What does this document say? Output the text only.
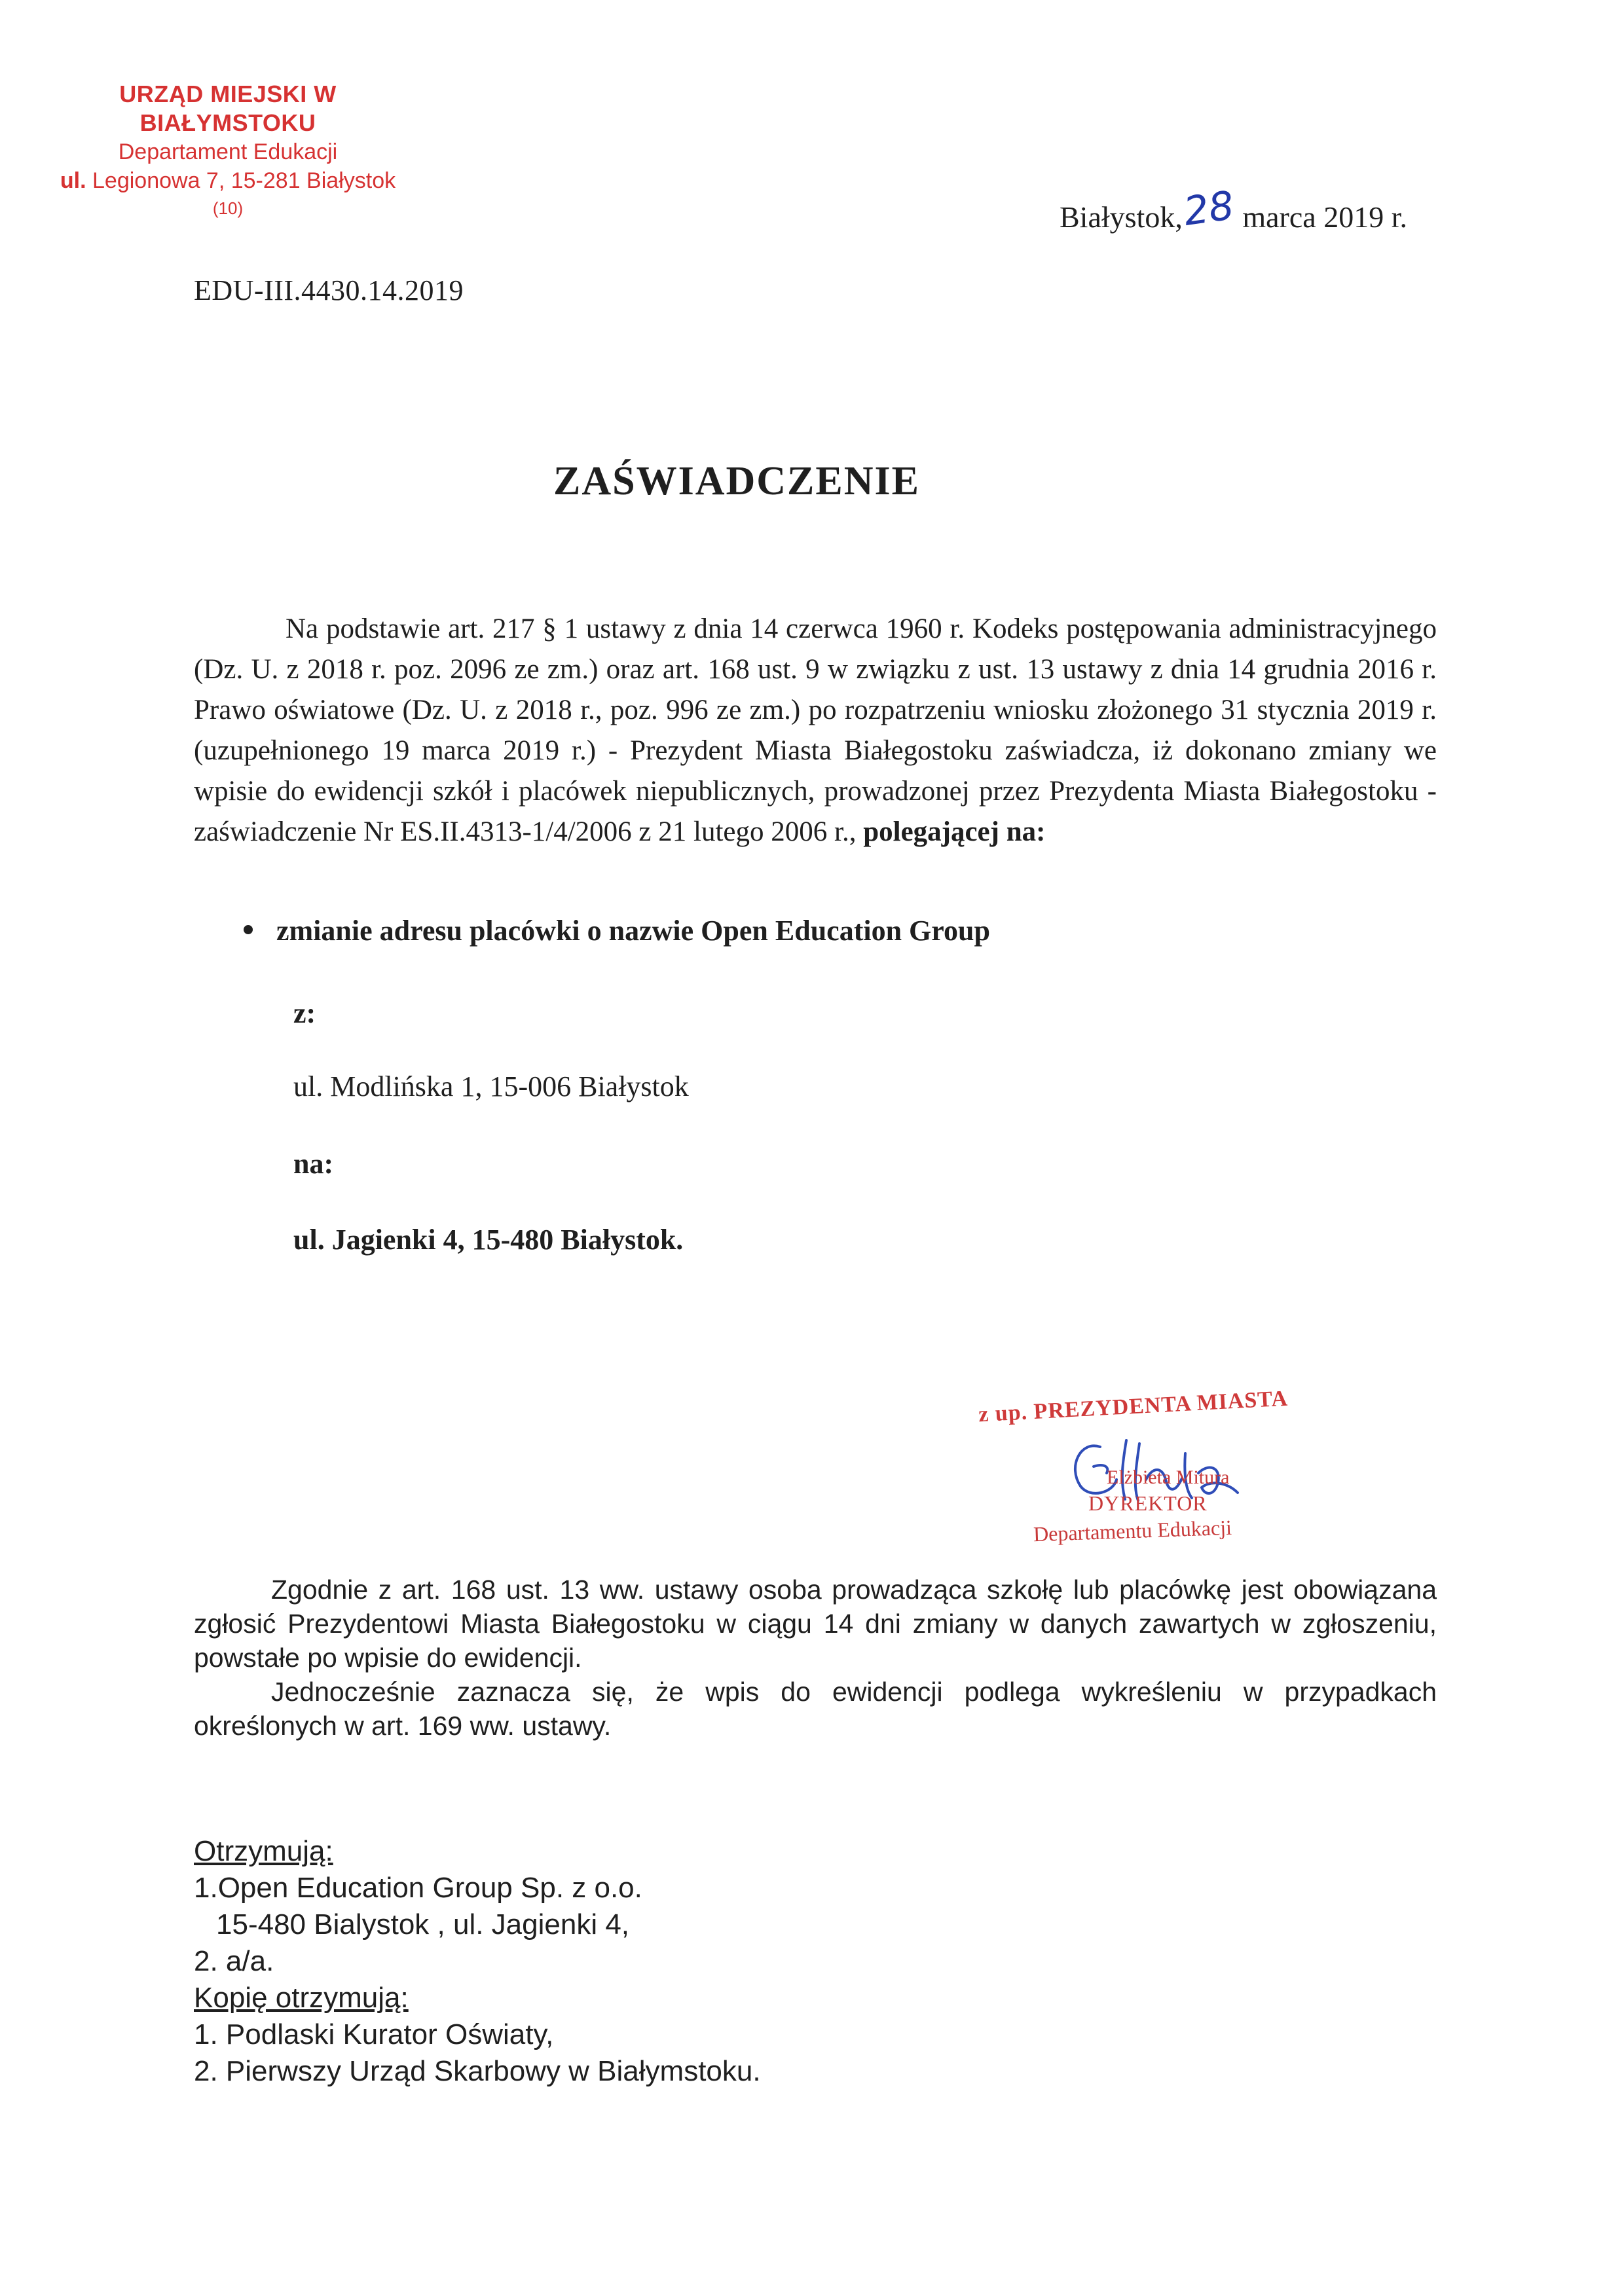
URZĄD MIEJSKI W BIAŁYMSTOKU
Departament Edukacji
ul. Legionowa 7, 15-281 Białystok
(10)	Białystok,28 marca 2019 r.
EDU-III.4430.14.2019
ZAŚWIADCZENIE
Na podstawie art. 217 § 1 ustawy z dnia 14 czerwca 1960 r. Kodeks postępowania administracyjnego (Dz. U. z 2018 r. poz. 2096 ze zm.) oraz art. 168 ust. 9 w związku z ust. 13 ustawy z dnia 14 grudnia 2016 r. Prawo oświatowe (Dz. U. z 2018 r., poz. 996 ze zm.) po rozpatrzeniu wniosku złożonego 31 stycznia 2019 r. (uzupełnionego 19 marca 2019 r.) - Prezydent Miasta Białegostoku zaświadcza, iż dokonano zmiany we wpisie do ewidencji szkół i placówek niepublicznych, prowadzonej przez Prezydenta Miasta Białegostoku - zaświadczenie Nr ES.II.4313-1/4/2006 z 21 lutego 2006 r., polegającej na:
zmianie adresu placówki o nazwie Open Education Group
z:
ul. Modlińska 1, 15-006 Białystok
na:
ul. Jagienki 4, 15-480 Białystok.
z up. PREZYDENTA MIASTA
Elżbieta Mitura
DYREKTOR
Departamentu Edukacji

Zgodnie z art. 168 ust. 13 ww. ustawy osoba prowadząca szkołę lub placówkę jest obowiązana zgłosić Prezydentowi Miasta Białegostoku w ciągu 14 dni zmiany w danych zawartych w zgłoszeniu, powstałe po wpisie do ewidencji.

Jednocześnie zaznacza się, że wpis do ewidencji podlega wykreśleniu w przypadkach określonych w art. 169 ww. ustawy.

Otrzymują:
1.Open Education Group Sp. z o.o.
15-480 Bialystok , ul. Jagienki 4,
2. a/a.
Kopię otrzymują:
1. Podlaski Kurator Oświaty,
2. Pierwszy Urząd Skarbowy w Białymstoku.
